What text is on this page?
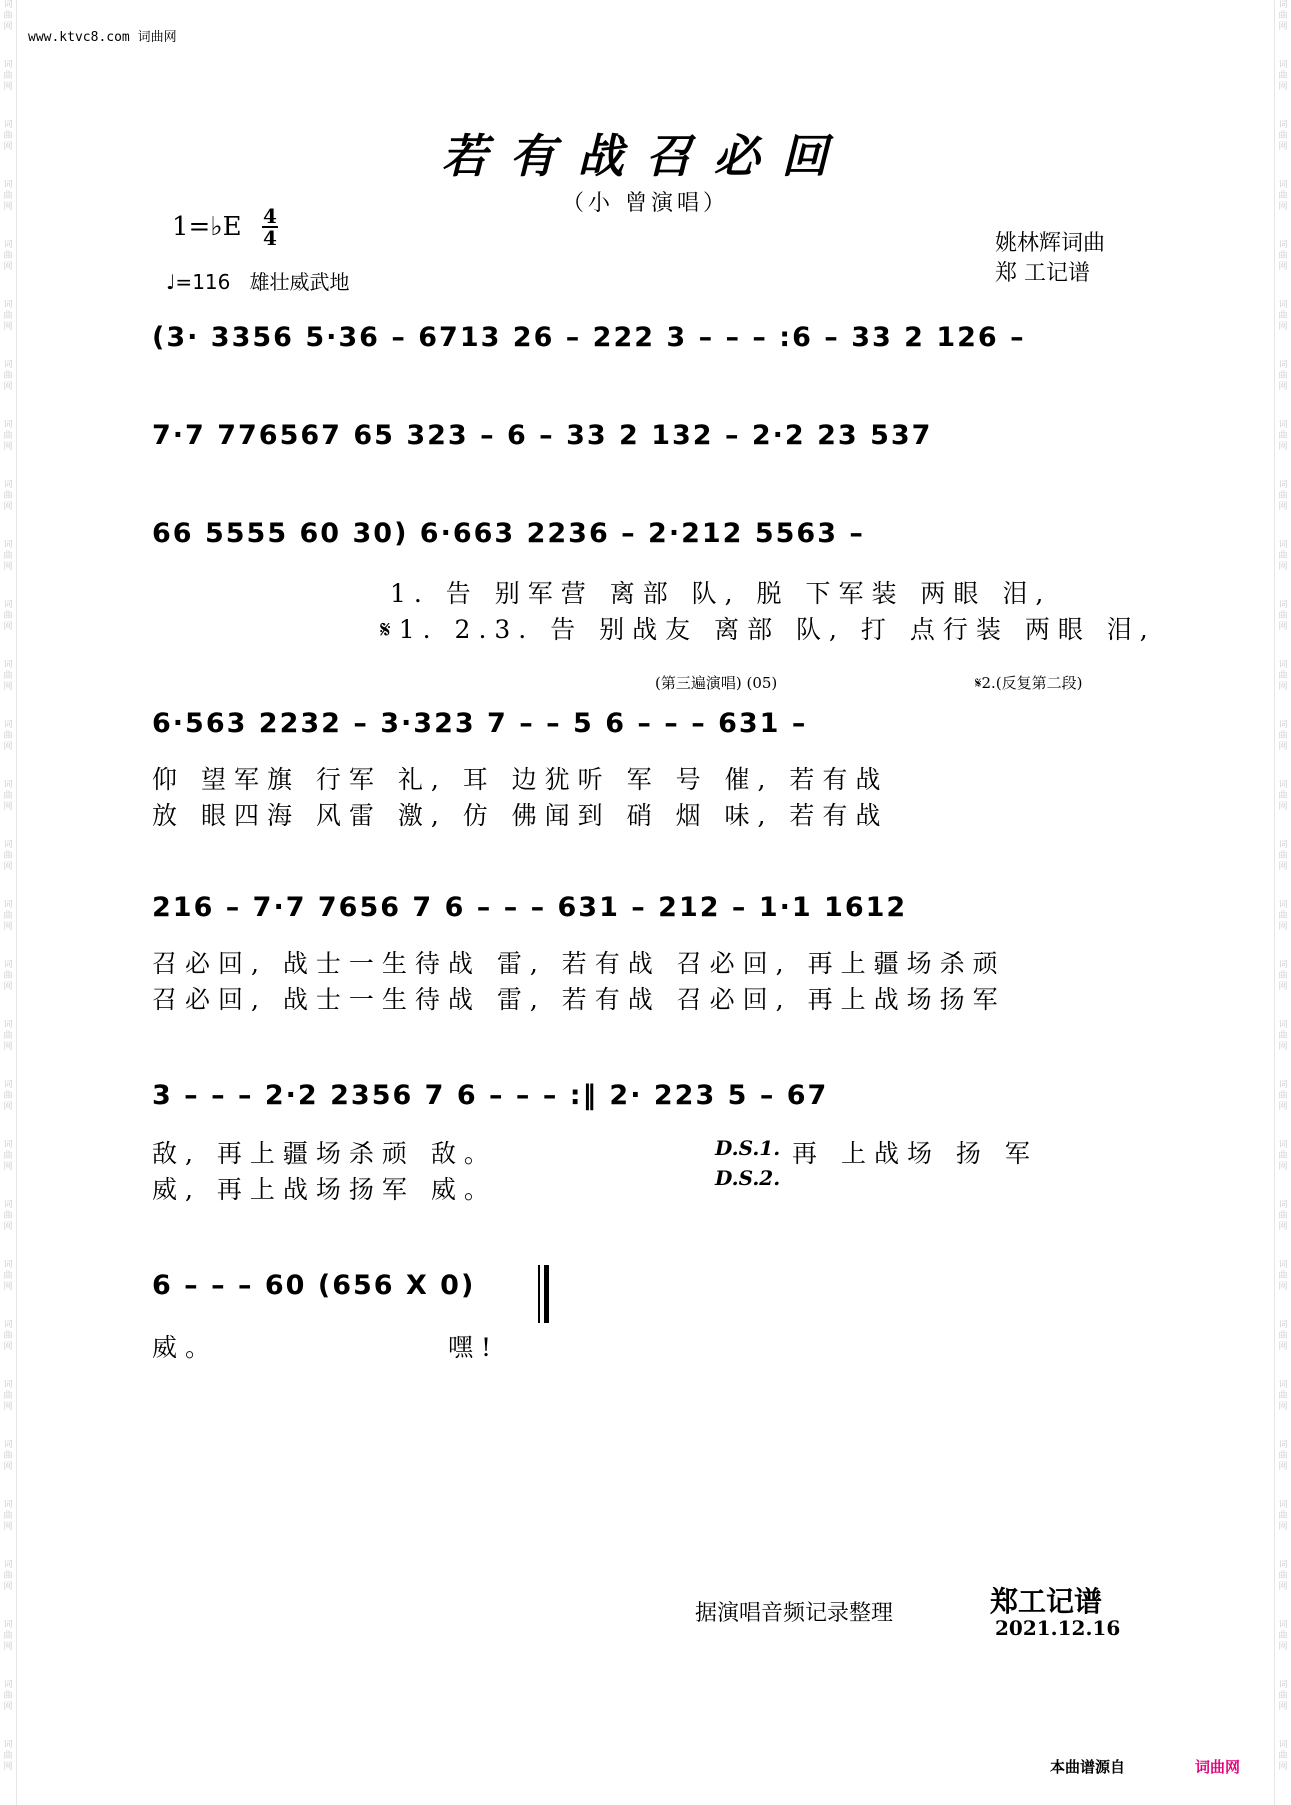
词
曲
网
词
曲
网
词
曲
网
词
曲
网
词
曲
网
词
曲
网
词
曲
网
词
曲
网
词
曲
网
词
曲
网
词
曲
网
词
曲
网
词
曲
网
词
曲
网
词
曲
网
词
曲
网
词
曲
网
词
曲
网
词
曲
网
词
曲
网
词
曲
网
词
曲
网
词
曲
网
词
曲
网
词
曲
网
词
曲
网
词
曲
网
词
曲
网
词
曲
网
词
曲
网
词
曲
网
词
曲
网
词
曲
网
词
曲
网
词
曲
网
词
曲
网
词
曲
网
词
曲
网
词
曲
网
词
曲
网
词
曲
网
词
曲
网
词
曲
网
词
曲
网
词
曲
网
词
曲
网
词
曲
网
词
曲
网
词
曲
网
词
曲
网
词
曲
网
词
曲
网
词
曲
网
词
曲
网
词
曲
网
词
曲
网
词
曲
网
词
曲
网
词
曲
网
词
曲
网
www.ktvc8.com 词曲网
若有战召必回
（小 曾演唱）
1=♭E 4
4
♩=116 雄壮威武地
姚林辉词曲
郑 工记谱
(3· 3356 5·36 – 6713 26 – 222 3 – – – :6 – 33 2 126 –
7·7 776567 65 323 – 6 – 33 2 132 – 2·2 23 537
66 5555 60 30) 6·663 2236 – 2·212 5563 –
1. 告 别军营 离部 队, 脱 下军装 两眼 泪,
𝄋1. 2.3. 告 别战友 离部 队, 打 点行装 两眼 泪,
(第三遍演唱) (05)	𝄋2.(反复第二段)
6·563 2232 – 3·323 7 – – 5 6 – – – 631 –
仰 望军旗 行军 礼, 耳 边犹听 军 号 催, 若有战
放 眼四海 风雷 激, 仿 佛闻到 硝 烟 味, 若有战
216 – 7·7 7656 7 6 – – – 631 – 212 – 1·1 1612
召必回, 战士一生待战 雷, 若有战 召必回, 再上疆场杀顽
召必回, 战士一生待战 雷, 若有战 召必回, 再上战场扬军
3 – – – 2·2 2356 7 6 – – – :‖ 2· 223 5 – 67
敌, 再上疆场杀顽 敌。
威, 再上战场扬军 威。
D.S.1.
D.S.2.
再 上战场 扬 军
6 – – – 60 (656 X 0)
威。	嘿!
据演唱音频记录整理	郑工记谱
2021.12.16
本曲谱源自	词曲网
